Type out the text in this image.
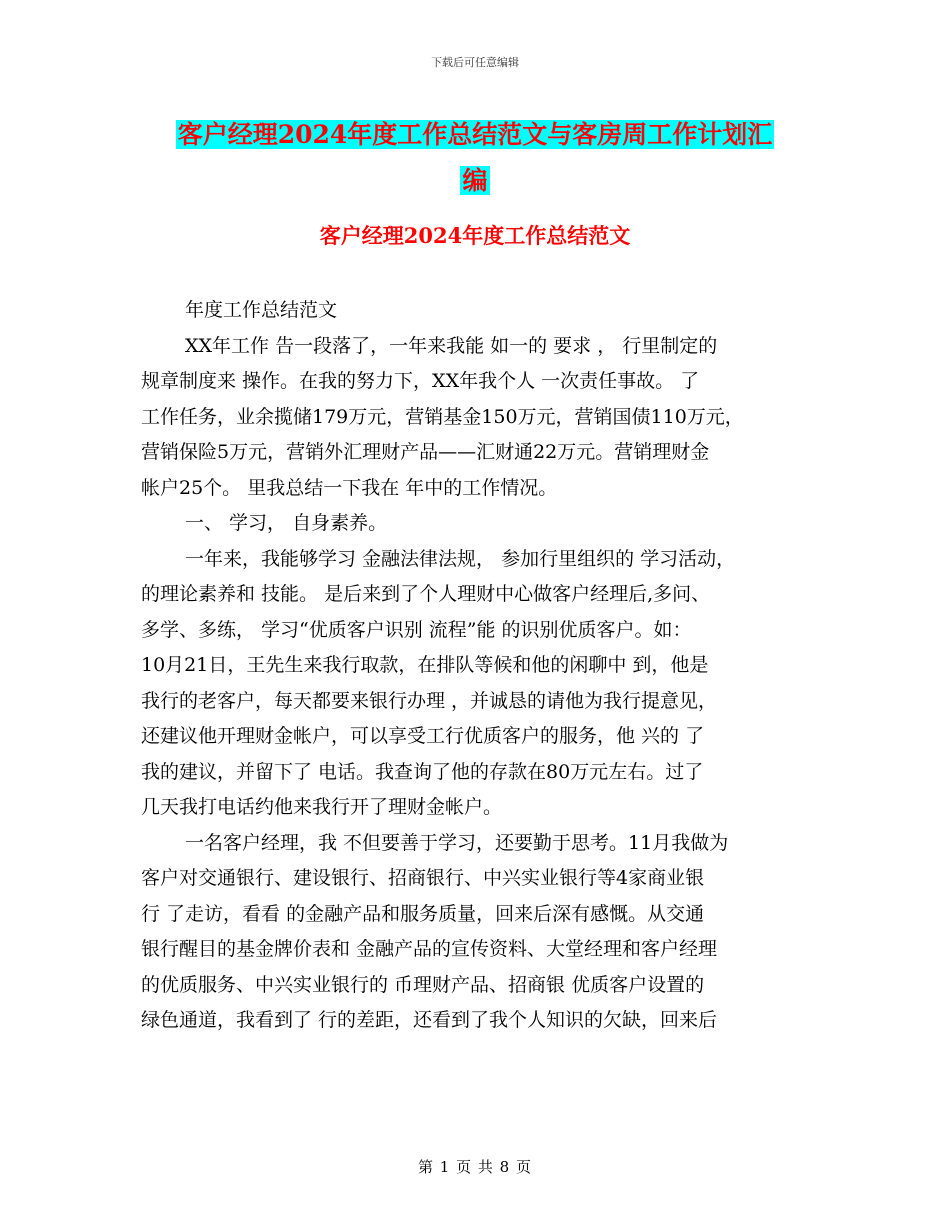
下载后可任意编辑
客户经理2024年度工作总结范文与客房周工作计划汇
编
客户经理2024年度工作总结范文
年度工作总结范文
XX年工作 告一段落了，一年来我能 如一的 要求 ， 行里制定的
规章制度来 操作。在我的努力下，XX年我个人 一次责任事故。 了
工作任务，业余揽储179万元，营销基金150万元，营销国债110万元，
营销保险5万元，营销外汇理财产品——汇财通22万元。营销理财金
帐户25个。 里我总结一下我在 年中的工作情况。
一、 学习， 自身素养。
一年来，我能够学习 金融法律法规， 参加行里组织的 学习活动，
的理论素养和 技能。 是后来到了个人理财中心做客户经理后,多问、
多学、多练， 学习“优质客户识别 流程”能 的识别优质客户。如：
10月21日，王先生来我行取款，在排队等候和他的闲聊中 到，他是
我行的老客户，每天都要来银行办理 ，并诚恳的请他为我行提意见，
还建议他开理财金帐户，可以享受工行优质客户的服务，他 兴的 了
我的建议，并留下了 电话。我查询了他的存款在80万元左右。过了
几天我打电话约他来我行开了理财金帐户。
一名客户经理，我 不但要善于学习，还要勤于思考。11月我做为
客户对交通银行、建设银行、招商银行、中兴实业银行等4家商业银
行 了走访，看看 的金融产品和服务质量，回来后深有感慨。从交通
银行醒目的基金牌价表和 金融产品的宣传资料、大堂经理和客户经理
的优质服务、中兴实业银行的 币理财产品、招商银 优质客户设置的
绿色通道，我看到了 行的差距，还看到了我个人知识的欠缺，回来后
第 1 页 共 8 页
